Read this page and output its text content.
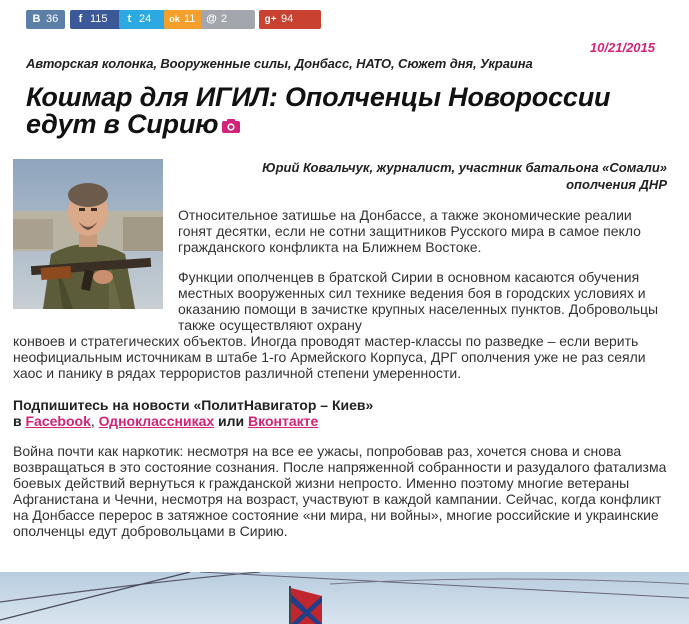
B 36	f 115	t 24	ok 11 @ 2	g+ 94
10/21/2015
Авторская колонка, Вооруженные силы, Донбасс, НАТО, Сюжет дня, Украина
Кошмар для ИГИЛ: Ополченцы Новороссии едут в Сирию
Юрий Ковальчук, журналист, участник батальона «Сомали»
ополчения ДНР

Относительное затишье на Донбассе, а также экономические реалии гонят десятки, если не сотни защитников Русского мира в самое пекло гражданского конфликта на Ближнем Востоке.

Функции ополченцев в братской Сирии в основном касаются обучения местных вооруженных сил технике ведения боя в городских условиях и оказанию помощи в зачистке крупных населенных пунктов. Добровольцы также осуществляют охрану
конвоев и стратегических объектов. Иногда проводят мастер-классы по разведке – если верить неофициальным источникам в штабе 1-го Армейского Корпуса, ДРГ ополчения уже не раз сеяли хаос и панику в рядах террористов различной степени умеренности.

Подпишитесь на новости «ПолитНавигатор – Киев»
в Facebook, Одноклассниках или Вконтакте

Война почти как наркотик: несмотря на все ее ужасы, попробовав раз, хочется снова и снова возвращаться в это состояние сознания. После напряженной собранности и разудалого фатализма боевых действий вернуться к гражданской жизни непросто. Именно поэтому многие ветераны Афганистана и Чечни, несмотря на возраст, участвуют в каждой кампании. Сейчас, когда конфликт на Донбассе перерос в затяжное состояние «ни мира, ни войны», многие российские и украинские ополченцы едут добровольцами в Сирию.
